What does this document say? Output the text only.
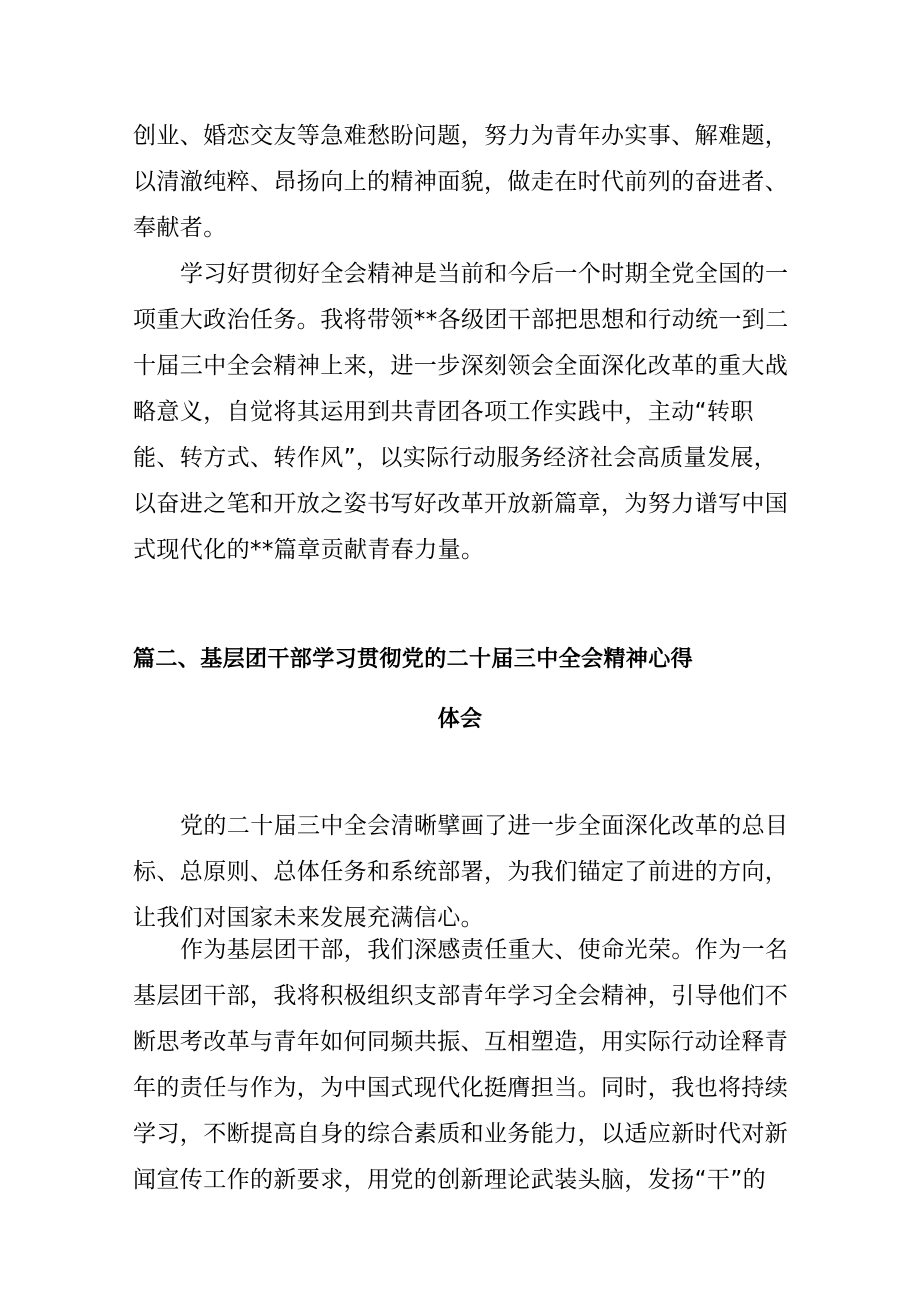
创业、婚恋交友等急难愁盼问题，努力为青年办实事、解难题，
以清澈纯粹、昂扬向上的精神面貌，做走在时代前列的奋进者、
奉献者。
学习好贯彻好全会精神是当前和今后一个时期全党全国的一
项重大政治任务。我将带领**各级团干部把思想和行动统一到二
十届三中全会精神上来，进一步深刻领会全面深化改革的重大战
略意义，自觉将其运用到共青团各项工作实践中，主动“转职
能、转方式、转作风”，以实际行动服务经济社会高质量发展，
以奋进之笔和开放之姿书写好改革开放新篇章，为努力谱写中国
式现代化的**篇章贡献青春力量。
篇二、基层团干部学习贯彻党的二十届三中全会精神心得
体会
党的二十届三中全会清晰擘画了进一步全面深化改革的总目
标、总原则、总体任务和系统部署，为我们锚定了前进的方向，
让我们对国家未来发展充满信心。
作为基层团干部，我们深感责任重大、使命光荣。作为一名
基层团干部，我将积极组织支部青年学习全会精神，引导他们不
断思考改革与青年如何同频共振、互相塑造，用实际行动诠释青
年的责任与作为，为中国式现代化挺膺担当。同时，我也将持续
学习，不断提高自身的综合素质和业务能力，以适应新时代对新
闻宣传工作的新要求，用党的创新理论武装头脑，发扬“干”的
